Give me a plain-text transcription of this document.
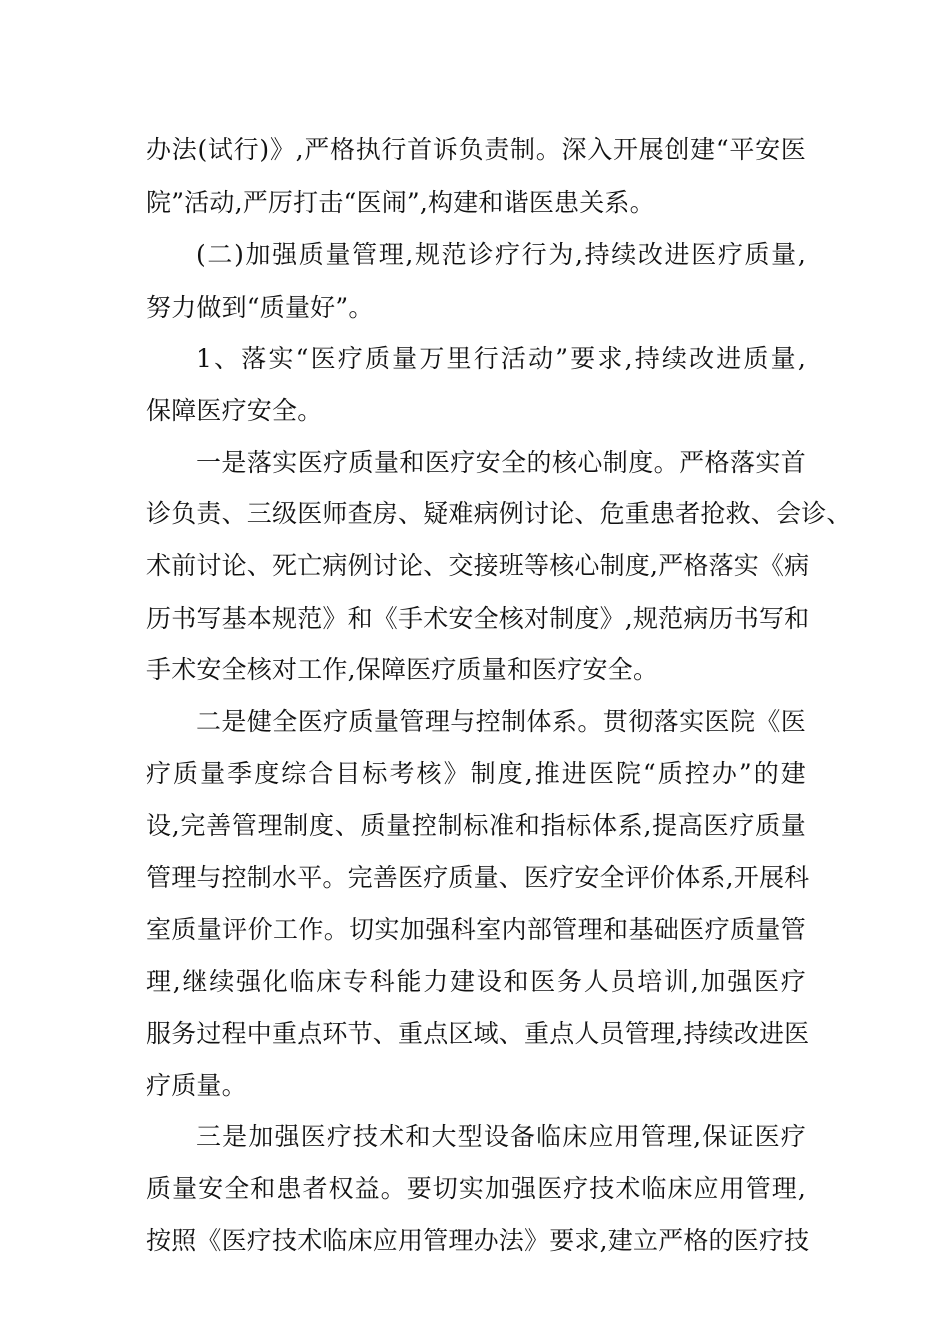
办法(试行)》,严格执行首诉负责制。深入开展创建“平安医
院”活动,严厉打击“医闹”,构建和谐医患关系。
(二)加强质量管理,规范诊疗行为,持续改进医疗质量,
努力做到“质量好”。
1、落实“医疗质量万里行活动”要求,持续改进质量,
保障医疗安全。
一是落实医疗质量和医疗安全的核心制度。严格落实首
诊负责、三级医师查房、疑难病例讨论、危重患者抢救、会诊、
术前讨论、死亡病例讨论、交接班等核心制度,严格落实《病
历书写基本规范》和《手术安全核对制度》,规范病历书写和
手术安全核对工作,保障医疗质量和医疗安全。
二是健全医疗质量管理与控制体系。贯彻落实医院《医
疗质量季度综合目标考核》制度,推进医院“质控办”的建
设,完善管理制度、质量控制标准和指标体系,提高医疗质量
管理与控制水平。完善医疗质量、医疗安全评价体系,开展科
室质量评价工作。切实加强科室内部管理和基础医疗质量管
理,继续强化临床专科能力建设和医务人员培训,加强医疗
服务过程中重点环节、重点区域、重点人员管理,持续改进医
疗质量。
三是加强医疗技术和大型设备临床应用管理,保证医疗
质量安全和患者权益。要切实加强医疗技术临床应用管理,
按照《医疗技术临床应用管理办法》要求,建立严格的医疗技
